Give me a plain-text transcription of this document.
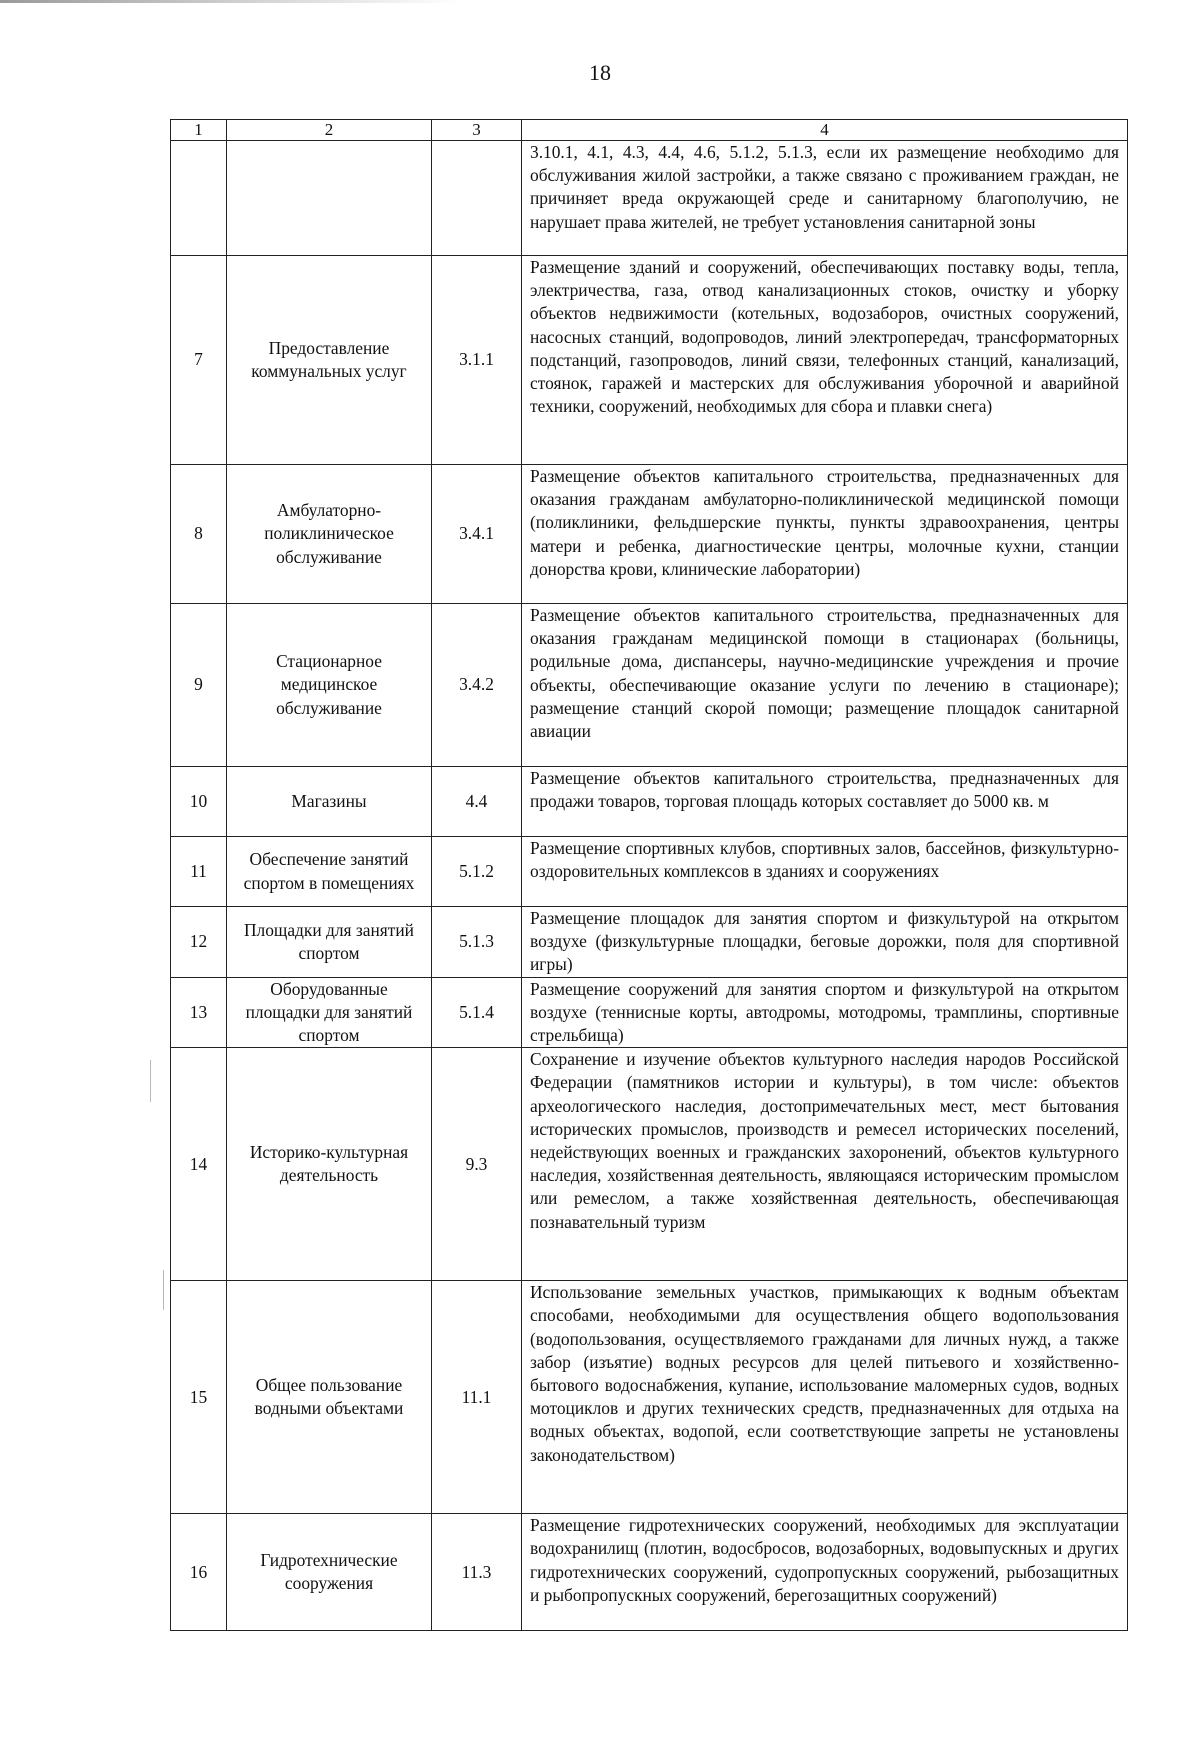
18
1	2	3	4
			3.10.1, 4.1, 4.3, 4.4, 4.6, 5.1.2, 5.1.3, если их размещение необходимо для обслуживания жилой застройки, а также связано с проживанием граждан, не причиняет вреда окружающей среде и санитарному благополучию, не нарушает права жителей, не требует установления санитарной зоны
7	Предоставление коммунальных услуг	3.1.1	Размещение зданий и сооружений, обеспечивающих поставку воды, тепла, электричества, газа, отвод канализационных стоков, очистку и уборку объектов недвижимости (котельных, водозаборов, очистных сооружений, насосных станций, водопроводов, линий электропередач, трансформаторных подстанций, газопроводов, линий связи, телефонных станций, канализаций, стоянок, гаражей и мастерских для обслуживания уборочной и аварийной техники, сооружений, необходимых для сбора и плавки снега)
8	Амбулаторно-поликлиническое обслуживание	3.4.1	Размещение объектов капитального строительства, предназначенных для оказания гражданам амбулаторно-поликлинической медицинской помощи (поликлиники, фельдшерские пункты, пункты здравоохранения, центры матери и ребенка, диагностические центры, молочные кухни, станции донорства крови, клинические лаборатории)
9	Стационарное медицинское обслуживание	3.4.2	Размещение объектов капитального строительства, предназначенных для оказания гражданам медицинской помощи в стационарах (больницы, родильные дома, диспансеры, научно-медицинские учреждения и прочие объекты, обеспечивающие оказание услуги по лечению в стационаре); размещение станций скорой помощи; размещение площадок санитарной авиации
10	Магазины	4.4	Размещение объектов капитального строительства, предназначенных для продажи товаров, торговая площадь которых составляет до 5000 кв. м
11	Обеспечение занятий спортом в помещениях	5.1.2	Размещение спортивных клубов, спортивных залов, бассейнов, физкультурно-оздоровительных комплексов в зданиях и сооружениях
12	Площадки для занятий спортом	5.1.3	Размещение площадок для занятия спортом и физкультурой на открытом воздухе (физкультурные площадки, беговые дорожки, поля для спортивной игры)
13	Оборудованные площадки для занятий спортом	5.1.4	Размещение сооружений для занятия спортом и физкультурой на открытом воздухе (теннисные корты, автодромы, мотодромы, трамплины, спортивные стрельбища)
14	Историко-культурная деятельность	9.3	Сохранение и изучение объектов культурного наследия народов Российской Федерации (памятников истории и культуры), в том числе: объектов археологического наследия, достопримечательных мест, мест бытования исторических промыслов, производств и ремесел исторических поселений, недействующих военных и гражданских захоронений, объектов культурного наследия, хозяйственная деятельность, являющаяся историческим промыслом или ремеслом, а также хозяйственная деятельность, обеспечивающая познавательный туризм
15	Общее пользование водными объектами	11.1	Использование земельных участков, примыкающих к водным объектам способами, необходимыми для осуществления общего водопользования (водопользования, осуществляемого гражданами для личных нужд, а также забор (изъятие) водных ресурсов для целей питьевого и хозяйственно-бытового водоснабжения, купание, использование маломерных судов, водных мотоциклов и других технических средств, предназначенных для отдыха на водных объектах, водопой, если соответствующие запреты не установлены законодательством)
16	Гидротехнические сооружения	11.3	Размещение гидротехнических сооружений, необходимых для эксплуатации водохранилищ (плотин, водосбросов, водозаборных, водовыпускных и других гидротехнических сооружений, судопропускных сооружений, рыбозащитных и рыбопропускных сооружений, берегозащитных сооружений)
